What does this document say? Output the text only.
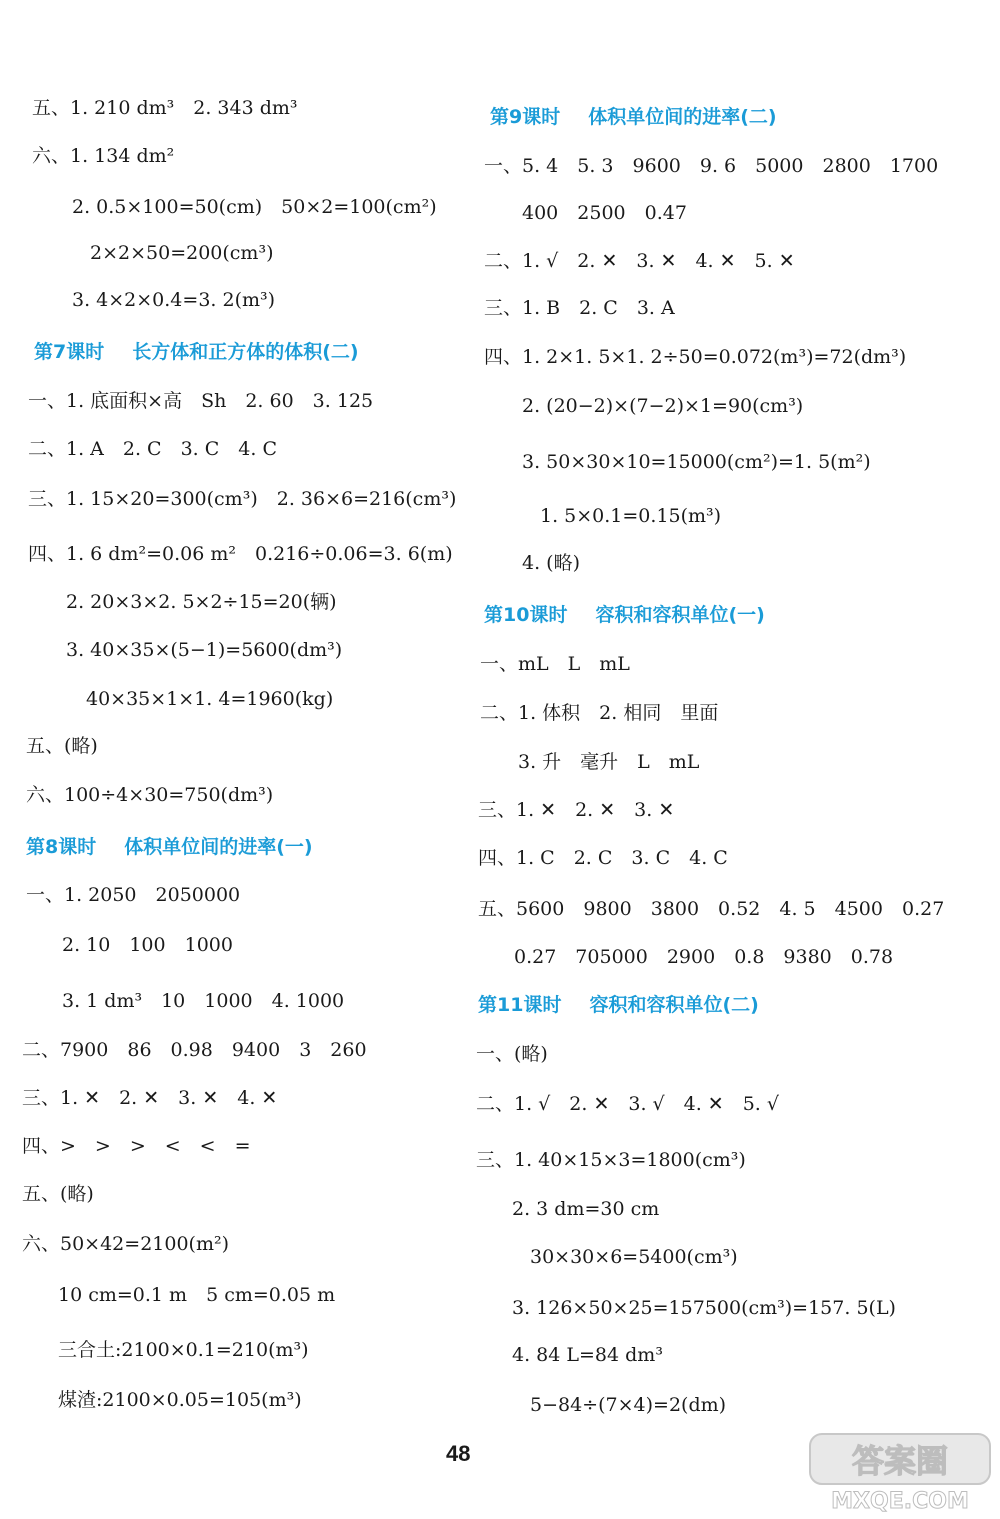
五、1. 210 dm³　2. 343 dm³
六、1. 134 dm²
2. 0.5×100=50(cm)　50×2=100(cm²)
2×2×50=200(cm³)
3. 4×2×0.4=3. 2(m³)
第7课时 长方体和正方体的体积(二)
一、1. 底面积×高　Sh　2. 60　3. 125
二、1. A　2. C　3. C　4. C
三、1. 15×20=300(cm³)　2. 36×6=216(cm³)
四、1. 6 dm²=0.06 m²　0.216÷0.06=3. 6(m)
2. 20×3×2. 5×2÷15=20(辆)
3. 40×35×(5−1)=5600(dm³)
40×35×1×1. 4=1960(kg)
五、(略)
六、100÷4×30=750(dm³)
第8课时 体积单位间的进率(一)
一、1. 2050　2050000
2. 10　100　1000
3. 1 dm³　10　1000　4. 1000
二、7900　86　0.98　9400　3　260
三、1. ✕　2. ✕　3. ✕　4. ✕
四、>　>　>　<　<　=
五、(略)
六、50×42=2100(m²)
10 cm=0.1 m　5 cm=0.05 m
三合土:2100×0.1=210(m³)
煤渣:2100×0.05=105(m³)
第9课时 体积单位间的进率(二)
一、5. 4　5. 3　9600　9. 6　5000　2800　1700
400　2500　0.47
二、1. √　2. ✕　3. ✕　4. ✕　5. ✕
三、1. B　2. C　3. A
四、1. 2×1. 5×1. 2÷50=0.072(m³)=72(dm³)
2. (20−2)×(7−2)×1=90(cm³)
3. 50×30×10=15000(cm²)=1. 5(m²)
1. 5×0.1=0.15(m³)
4. (略)
第10课时 容积和容积单位(一)
一、mL　L　mL
二、1. 体积　2. 相同　里面
3. 升　毫升　L　mL
三、1. ✕　2. ✕　3. ✕
四、1. C　2. C　3. C　4. C
五、5600　9800　3800　0.52　4. 5　4500　0.27
0.27　705000　2900　0.8　9380　0.78
第11课时 容积和容积单位(二)
一、(略)
二、1. √　2. ✕　3. √　4. ✕　5. √
三、1. 40×15×3=1800(cm³)
2. 3 dm=30 cm
30×30×6=5400(cm³)
3. 126×50×25=157500(cm³)=157. 5(L)
4. 84 L=84 dm³
5−84÷(7×4)=2(dm)
48	答案圈
MXQE.COM
